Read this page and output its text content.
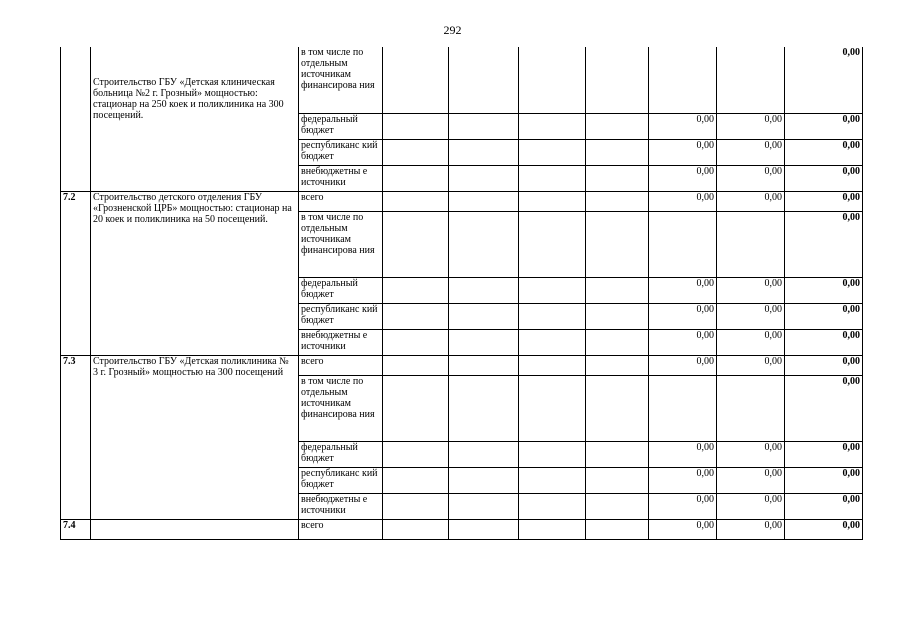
292

	Строительство ГБУ «Детская клиническая больница №2 г. Грозный» мощностью: стационар на 250 коек и поликлиника на 300 посещений.	в том числе по отдельным источникам финансирова ния							0,00
		федеральный бюджет					0,00	0,00	0,00
		республиканс кий бюджет					0,00	0,00	0,00
		внебюджетны е источники					0,00	0,00	0,00
7.2	Строительство детского отделения ГБУ «Грозненской ЦРБ» мощностью: стационар на 20 коек и поликлиника на 50 посещений.	всего					0,00	0,00	0,00
		в том числе по отдельным источникам финансирова ния							0,00
		федеральный бюджет					0,00	0,00	0,00
		республиканс кий бюджет					0,00	0,00	0,00
		внебюджетны е источники					0,00	0,00	0,00
7.3	Строительство ГБУ «Детская поликлиника № 3 г. Грозный» мощностью на 300 посещений	всего					0,00	0,00	0,00
		в том числе по отдельным источникам финансирова ния							0,00
		федеральный бюджет					0,00	0,00	0,00
		республиканс кий бюджет					0,00	0,00	0,00
		внебюджетны е источники					0,00	0,00	0,00
7.4		всего					0,00	0,00	0,00
